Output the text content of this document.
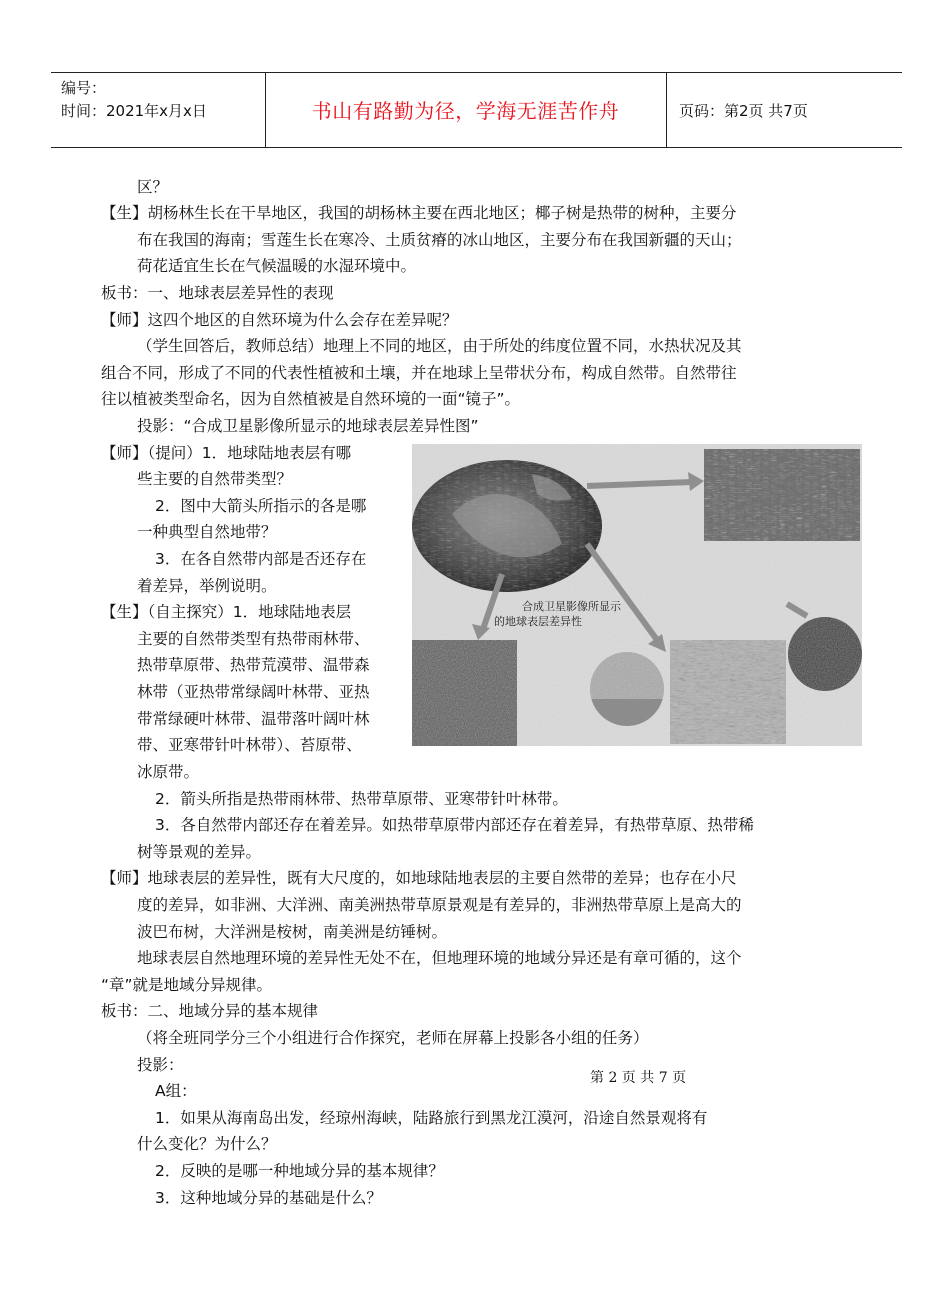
编号：
时间：2021年x月x日	书山有路勤为径，学海无涯苦作舟	页码：第2页 共7页
区？
【生】胡杨林生长在干旱地区，我国的胡杨林主要在西北地区；椰子树是热带的树种，主要分
布在我国的海南；雪莲生长在寒冷、土质贫瘠的冰山地区，主要分布在我国新疆的天山；
荷花适宜生长在气候温暖的水湿环境中。
板书：一、地球表层差异性的表现
【师】这四个地区的自然环境为什么会存在差异呢？
（学生回答后，教师总结）地理上不同的地区，由于所处的纬度位置不同，水热状况及其
组合不同，形成了不同的代表性植被和土壤，并在地球上呈带状分布，构成自然带。自然带往
往以植被类型命名，因为自然植被是自然环境的一面“镜子”。
投影：“合成卫星影像所显示的地球表层差异性图”
【师】（提问）1．地球陆地表层有哪
些主要的自然带类型？
2．图中大箭头所指示的各是哪
一种典型自然地带？
3．在各自然带内部是否还存在
着差异，举例说明。
【生】（自主探究）1．地球陆地表层
主要的自然带类型有热带雨林带、
热带草原带、热带荒漠带、温带森
林带（亚热带常绿阔叶林带、亚热
带常绿硬叶林带、温带落叶阔叶林
带、亚寒带针叶林带）、苔原带、
冰原带。
2．箭头所指是热带雨林带、热带草原带、亚寒带针叶林带。
3．各自然带内部还存在着差异。如热带草原带内部还存在着差异，有热带草原、热带稀
树等景观的差异。
【师】地球表层的差异性，既有大尺度的，如地球陆地表层的主要自然带的差异；也存在小尺
度的差异，如非洲、大洋洲、南美洲热带草原景观是有差异的，非洲热带草原上是高大的
波巴布树，大洋洲是桉树，南美洲是纺锤树。
地球表层自然地理环境的差异性无处不在，但地理环境的地域分异还是有章可循的，这个
“章”就是地域分异规律。
板书：二、地域分异的基本规律
（将全班同学分三个小组进行合作探究，老师在屏幕上投影各小组的任务）
投影：
A组：
1．如果从海南岛出发，经琼州海峡，陆路旅行到黑龙江漠河，沿途自然景观将有
什么变化？为什么？
2．反映的是哪一种地域分异的基本规律？
3．这种地域分异的基础是什么？
第 2 页 共 7 页
合成卫星影像所显示
的地球表层差异性
